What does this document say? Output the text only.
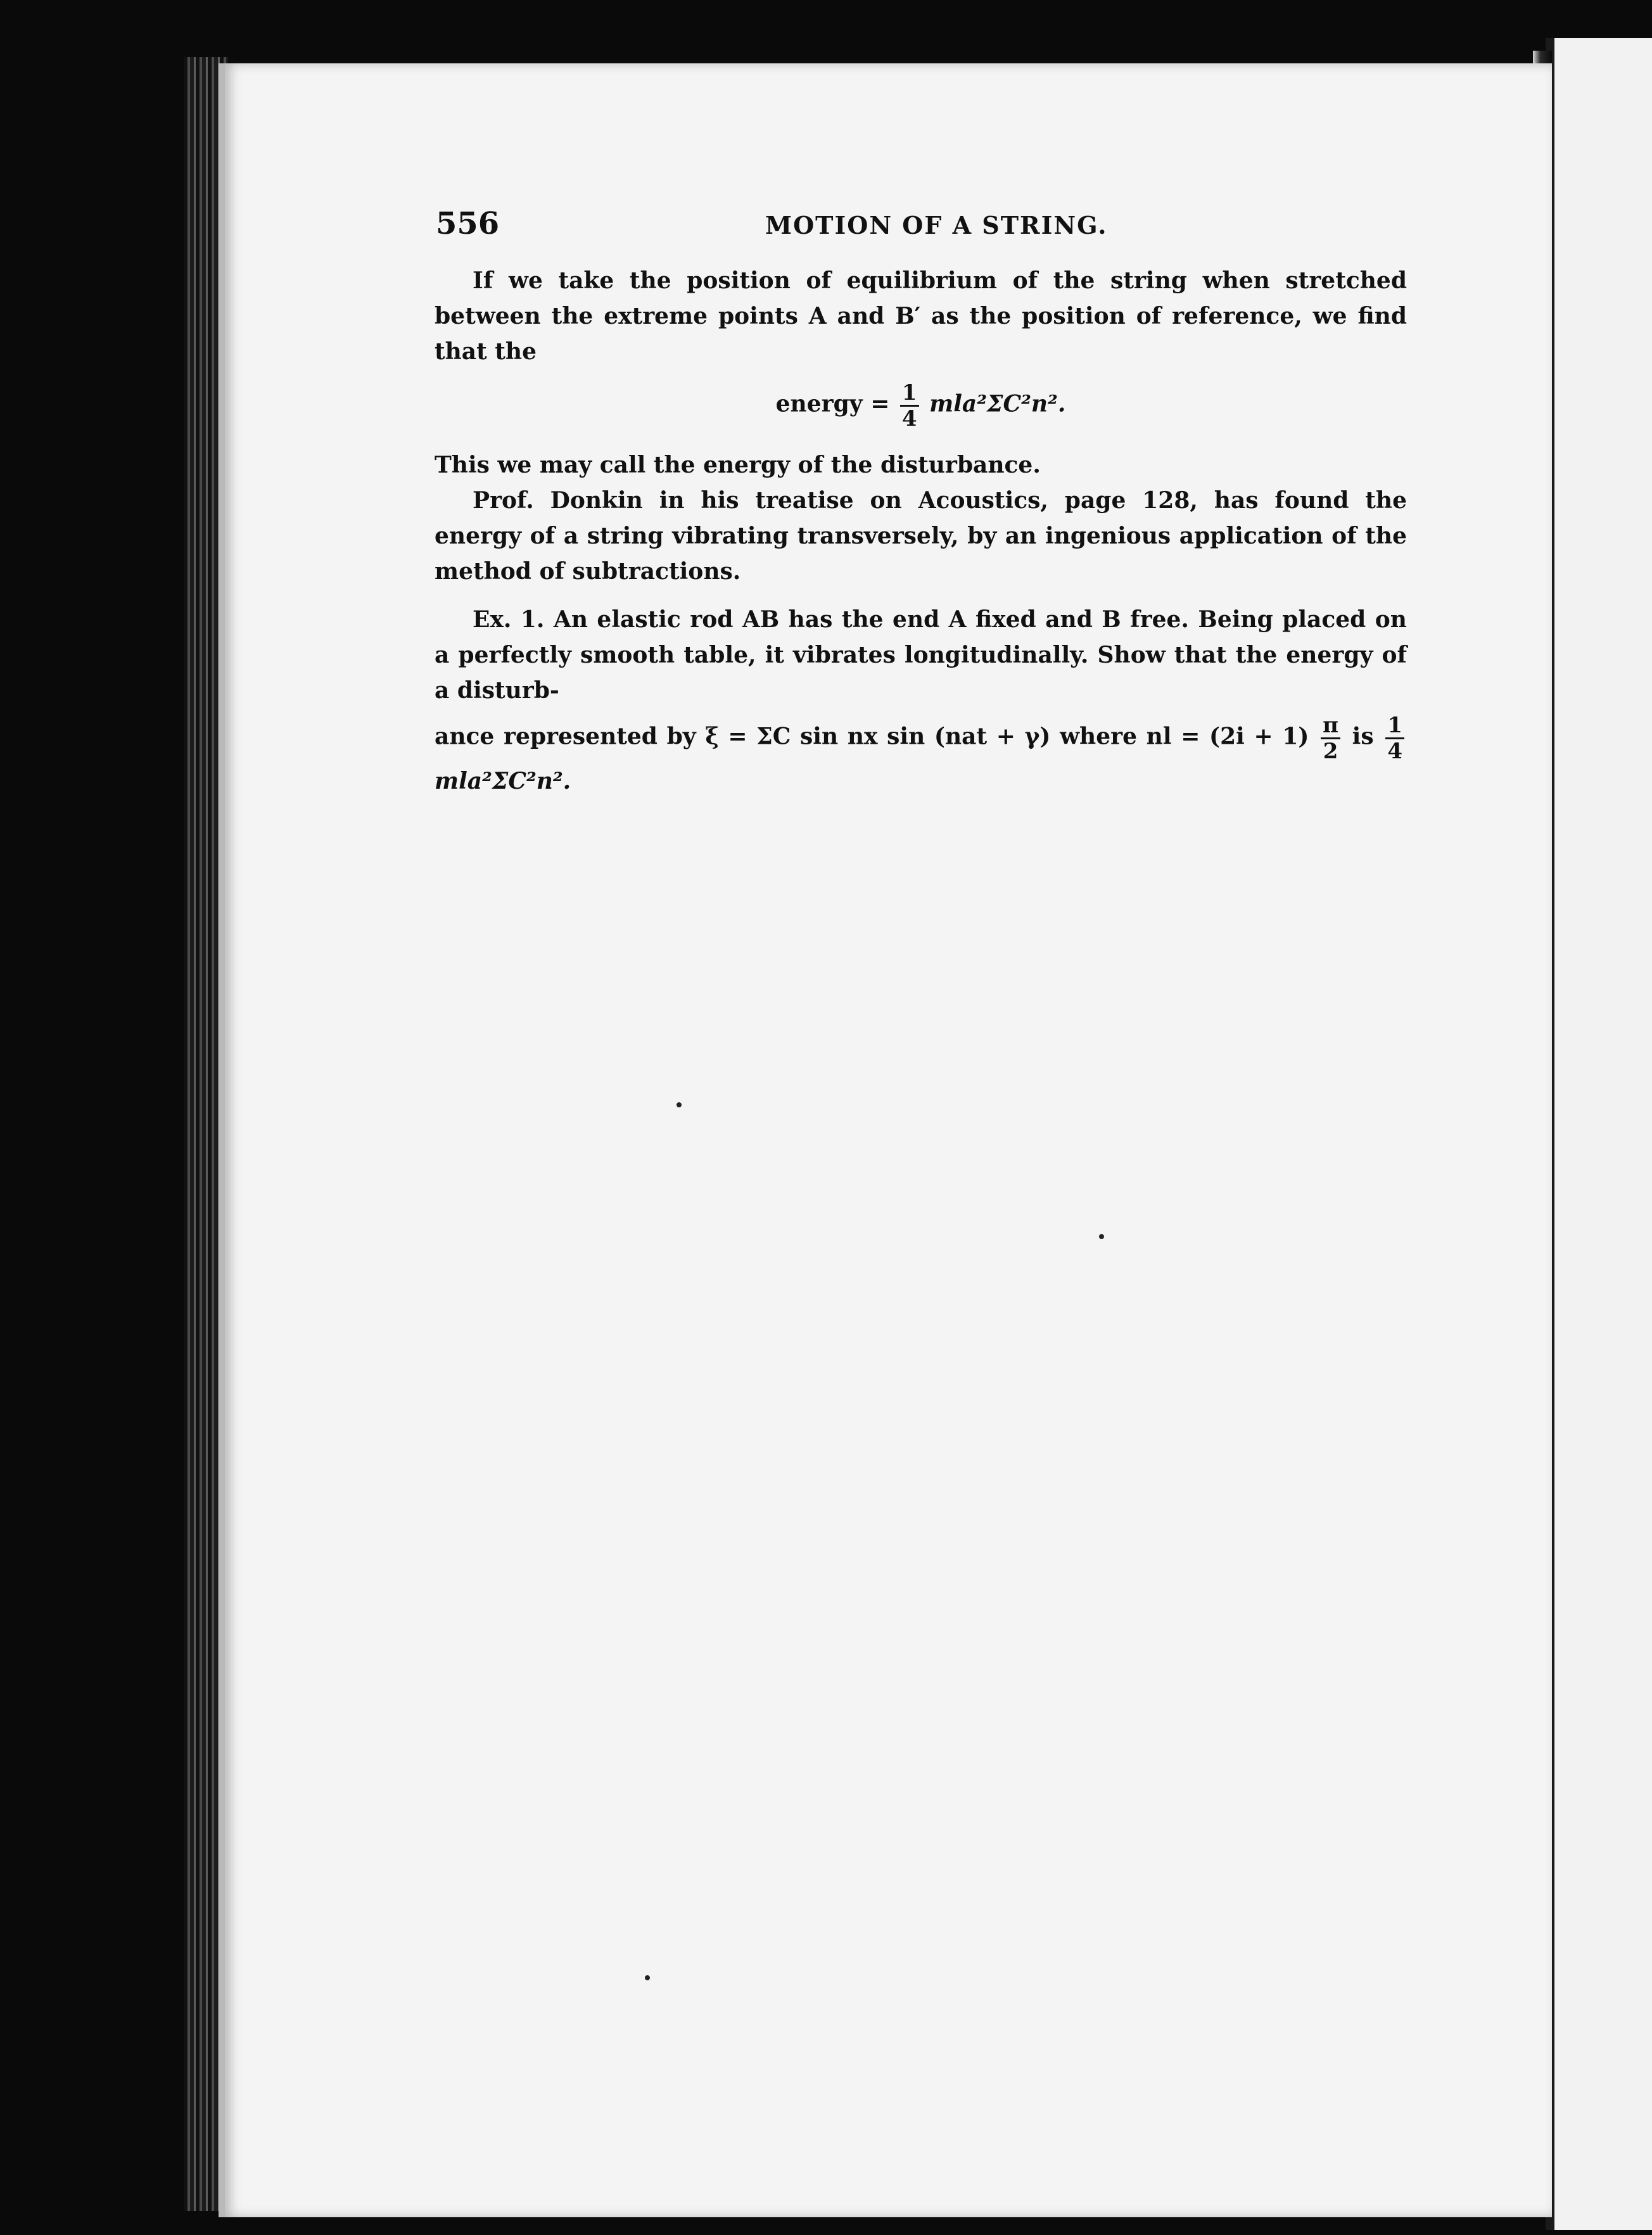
556	MOTION OF A STRING.

If we take the position of equilibrium of the string when stretched between the extreme points A and B′ as the position of reference, we find that the

energy = $\frac{1}{4} mla^2\Sigma C^2n^2$.

This we may call the energy of the disturbance.

Prof. Donkin in his treatise on Acoustics, page 128, has found the energy of a string vibrating transversely, by an ingenious application of the method of subtractions.

Ex. 1. An elastic rod AB has the end A fixed and B free. Being placed on a perfectly smooth table, it vibrates longitudinally. Show that the energy of a disturb-

ance represented by ξ = ΣC sin nx sin (nat + γ) where nl = $(2i + 1) \frac{\pi}{2}$ is $\frac{1}{4}$
mla²ΣC²n².
